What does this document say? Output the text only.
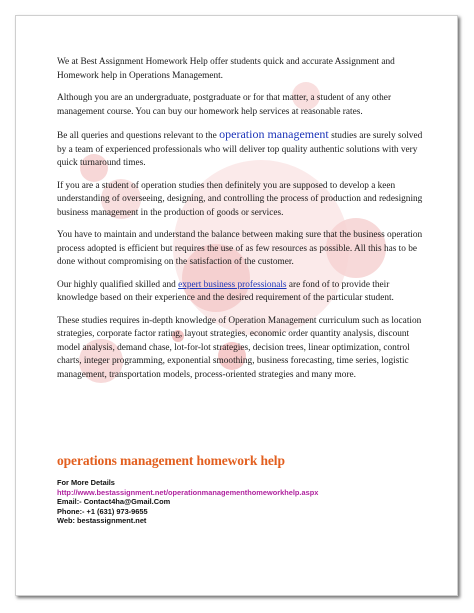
We at Best Assignment Homework Help offer students quick and accurate Assignment and Homework help in Operations Management.

Although you are an undergraduate, postgraduate or for that matter, a student of any other management course. You can buy our homework help services at reasonable rates.

Be all queries and questions relevant to the operation management studies are surely solved by a team of experienced professionals who will deliver top quality authentic solutions with very quick turnaround times.

If you are a student of operation studies then definitely you are supposed to develop a keen understanding of overseeing, designing, and controlling the process of production and redesigning business management in the production of goods or services.

You have to maintain and understand the balance between making sure that the business operation process adopted is efficient but requires the use of as few resources as possible. All this has to be done without compromising on the satisfaction of the customer.

Our highly qualified skilled and expert business professionals are fond of to provide their knowledge based on their experience and the desired requirement of the particular student.

These studies requires in-depth knowledge of Operation Management curriculum such as location strategies, corporate factor rating, layout strategies, economic order quantity analysis, discount model analysis, demand chase, lot-for-lot strategies, decision trees, linear optimization, control charts, integer programming, exponential smoothing, business forecasting, time series, logistic management, transportation models, process-oriented strategies and many more.

operations management homework help
For More Details
http://www.bestassignment.net/operationmanagementhomeworkhelp.aspx
Email:- Contact4ha@Gmail.Com
Phone:- +1 (631) 973-9655
Web: bestassignment.net
